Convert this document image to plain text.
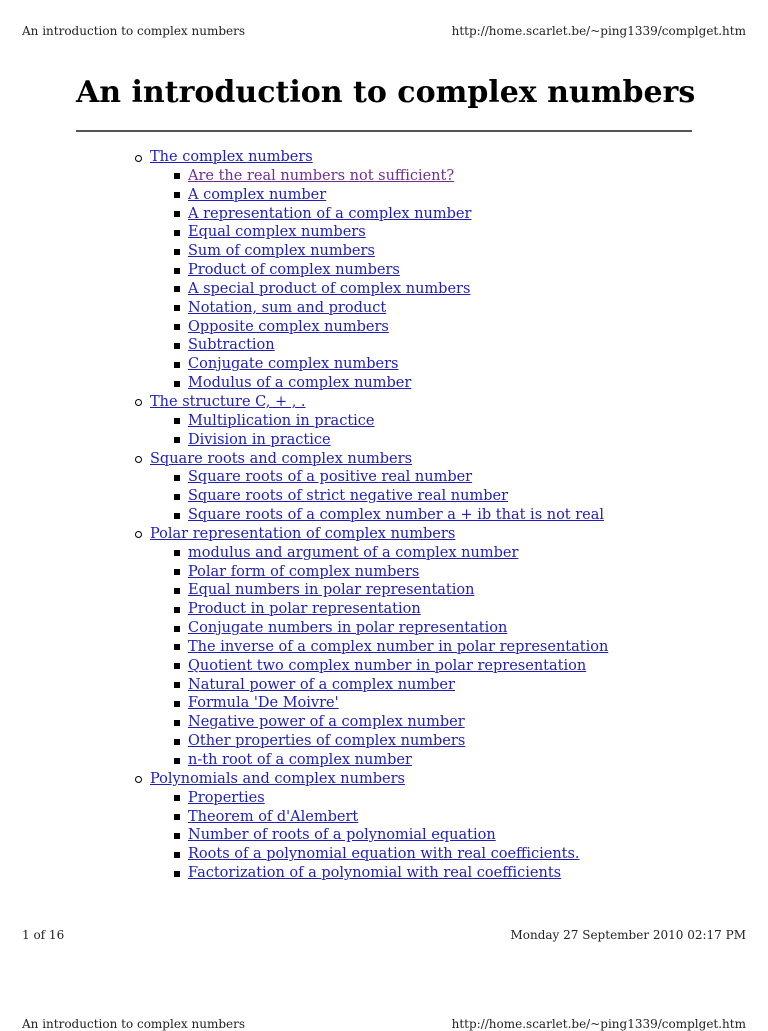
An introduction to complex numbers	http://home.scarlet.be/~ping1339/complget.htm
An introduction to complex numbers
The complex numbers
Are the real numbers not sufficient?
A complex number
A representation of a complex number
Equal complex numbers
Sum of complex numbers
Product of complex numbers
A special product of complex numbers
Notation, sum and product
Opposite complex numbers
Subtraction
Conjugate complex numbers
Modulus of a complex number
The structure C, + , .
Multiplication in practice
Division in practice
Square roots and complex numbers
Square roots of a positive real number
Square roots of strict negative real number
Square roots of a complex number a + ib that is not real
Polar representation of complex numbers
modulus and argument of a complex number
Polar form of complex numbers
Equal numbers in polar representation
Product in polar representation
Conjugate numbers in polar representation
The inverse of a complex number in polar representation
Quotient two complex number in polar representation
Natural power of a complex number
Formula 'De Moivre'
Negative power of a complex number
Other properties of complex numbers
n-th root of a complex number
Polynomials and complex numbers
Properties
Theorem of d'Alembert
Number of roots of a polynomial equation
Roots of a polynomial equation with real coefficients.
Factorization of a polynomial with real coefficients
1 of 16	Monday 27 September 2010 02:17 PM
An introduction to complex numbers	http://home.scarlet.be/~ping1339/complget.htm
